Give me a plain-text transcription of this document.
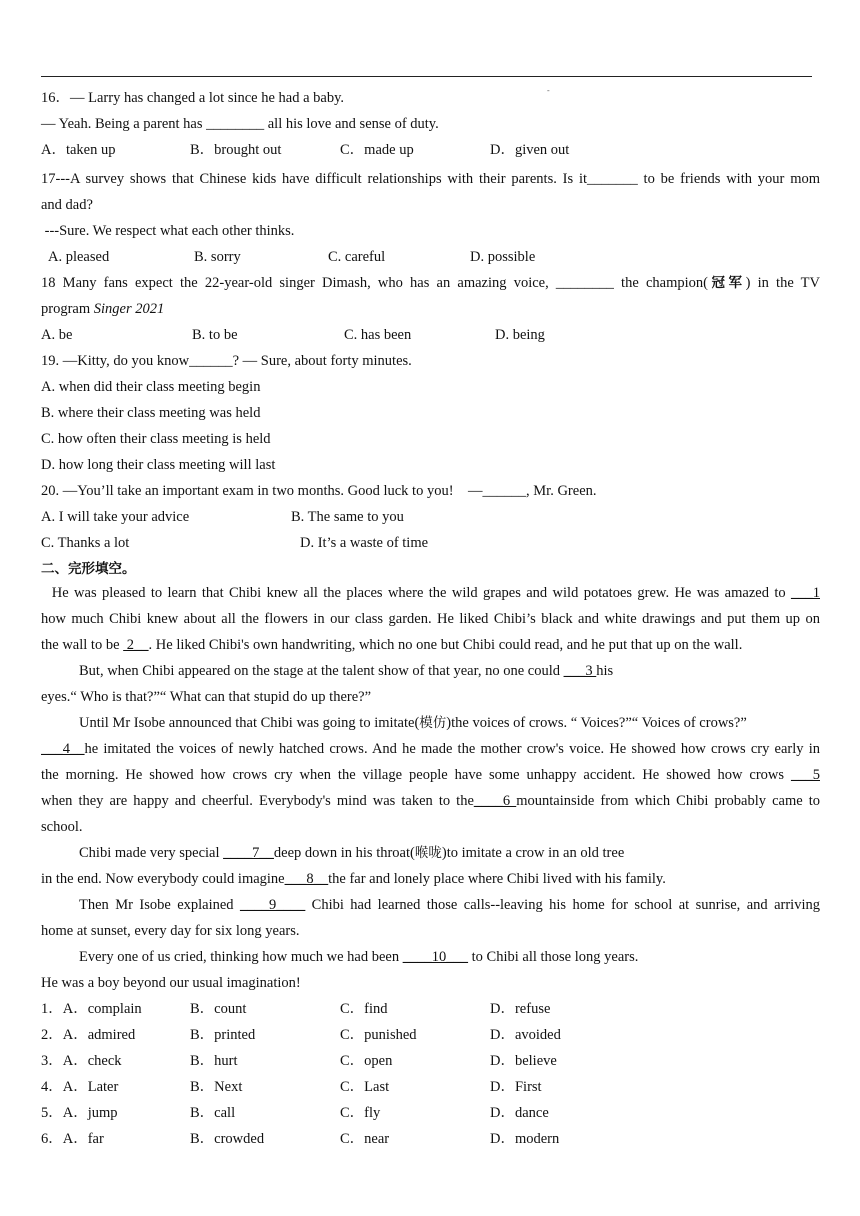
-
16．— Larry has changed a lot since he had a baby.
— Yeah. Being a parent has ________ all his love and sense of duty.
A．taken up	B．brought out	C．made up	D．given out
17---A survey shows that Chinese kids have difficult relationships with their parents. Is it_______ to be friends with your mom
and dad?
---Sure. We respect what each other thinks.
A. pleased	B. sorry	C. careful	D. possible
18 Many fans expect the 22-year-old singer Dimash, who has an amazing voice, ________ the champion(冠军) in the TV
program Singer 2021
A. be	B. to be	C. has been	D. being
19. —Kitty, do you know______? — Sure, about forty minutes.
A. when did their class meeting begin
B. where their class meeting was held
C. how often their class meeting is held
D. how long their class meeting will last
20. —You’ll take an important exam in two months. Good luck to you!    —______, Mr. Green.
A. I will take your advice	B. The same to you
C. Thanks a lot	D. It’s a waste of time
二、完形填空。
He was pleased to learn that Chibi knew all the places where the wild grapes and wild potatoes grew. He was amazed to ___1
how much Chibi knew about all the flowers in our class garden. He liked Chibi’s black and white drawings and put them up on
the wall to be  2__. He liked Chibi's own handwriting, which no one but Chibi could read, and he put that up on the wall.
But, when Chibi appeared on the stage at the talent show of that year, no one could ___3 his
eyes.“ Who is that?”“ What can that stupid do up there?”
Until Mr Isobe announced that Chibi was going to imitate(模仿)the voices of crows. “ Voices?”“ Voices of crows?”
___4__he imitated the voices of newly hatched crows. And he made the mother crow's voice. He showed how crows cry early in
the morning. He showed how crows cry when the village people have some unhappy accident. He showed how crows ___5
when they are happy and cheerful. Everybody's mind was taken to the____6 mountainside from which Chibi probably came to
school.
Chibi made very special ____7__deep down in his throat(喉咙)to imitate a crow in an old tree
in the end. Now everybody could imagine___8__the far and lonely place where Chibi lived with his family.
Then Mr Isobe explained ____9____ Chibi had learned those calls--leaving his home for school at sunrise, and arriving
home at sunset, every day for six long years.
Every one of us cried, thinking how much we had been ____10___ to Chibi all those long years.
He was a boy beyond our usual imagination!
1．A．complain	B．count	C．find	D．refuse
2．A．admired	B．printed	C．punished	D．avoided
3．A．check	B．hurt	C．open	D．believe
4．A．Later	B．Next	C．Last	D．First
5．A．jump	B．call	C．fly	D．dance
6．A．far	B．crowded	C．near	D．modern
